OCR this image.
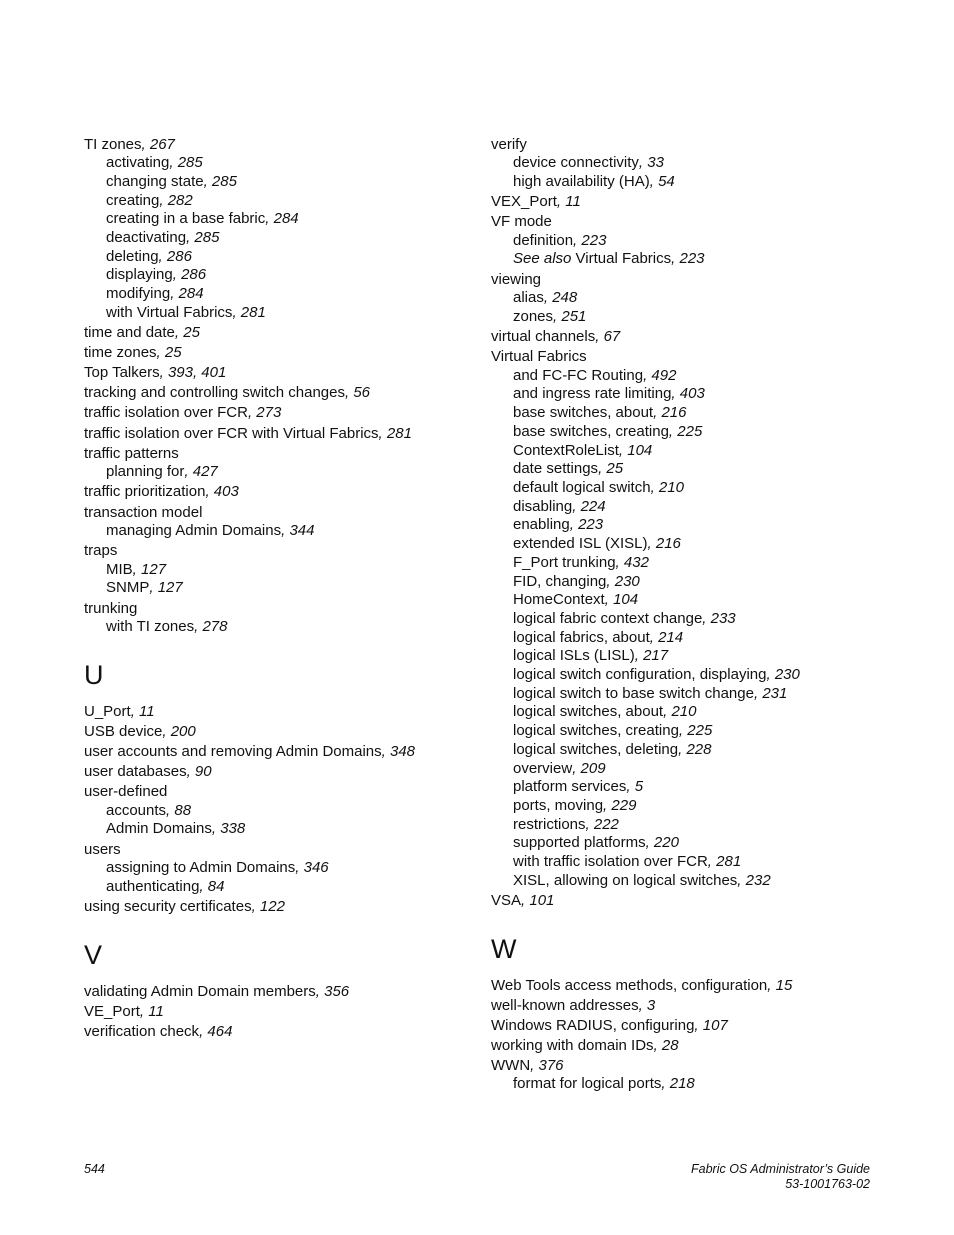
TI zones, 267
activating, 285
changing state, 285
creating, 282
creating in a base fabric, 284
deactivating, 285
deleting, 286
displaying, 286
modifying, 284
with Virtual Fabrics, 281
time and date, 25
time zones, 25
Top Talkers, 393, 401
tracking and controlling switch changes, 56
traffic isolation over FCR, 273
traffic isolation over FCR with Virtual Fabrics, 281
traffic patterns
planning for, 427
traffic prioritization, 403
transaction model
managing Admin Domains, 344
traps
MIB, 127
SNMP, 127
trunking
with TI zones, 278
U
U_Port, 11
USB device, 200
user accounts and removing Admin Domains, 348
user databases, 90
user-defined
accounts, 88
Admin Domains, 338
users
assigning to Admin Domains, 346
authenticating, 84
using security certificates, 122
V
validating Admin Domain members, 356
VE_Port, 11
verification check, 464
verify
device connectivity, 33
high availability (HA), 54
VEX_Port, 11
VF mode
definition, 223
See also Virtual Fabrics, 223
viewing
alias, 248
zones, 251
virtual channels, 67
Virtual Fabrics
and FC-FC Routing, 492
and ingress rate limiting, 403
base switches, about, 216
base switches, creating, 225
ContextRoleList, 104
date settings, 25
default logical switch, 210
disabling, 224
enabling, 223
extended ISL (XISL), 216
F_Port trunking, 432
FID, changing, 230
HomeContext, 104
logical fabric context change, 233
logical fabrics, about, 214
logical ISLs (LISL), 217
logical switch configuration, displaying, 230
logical switch to base switch change, 231
logical switches, about, 210
logical switches, creating, 225
logical switches, deleting, 228
overview, 209
platform services, 5
ports, moving, 229
restrictions, 222
supported platforms, 220
with traffic isolation over FCR, 281
XISL, allowing on logical switches, 232
VSA, 101
W
Web Tools access methods, configuration, 15
well-known addresses, 3
Windows RADIUS, configuring, 107
working with domain IDs, 28
WWN, 376
format for logical ports, 218
544	Fabric OS Administrator’s Guide
53-1001763-02
